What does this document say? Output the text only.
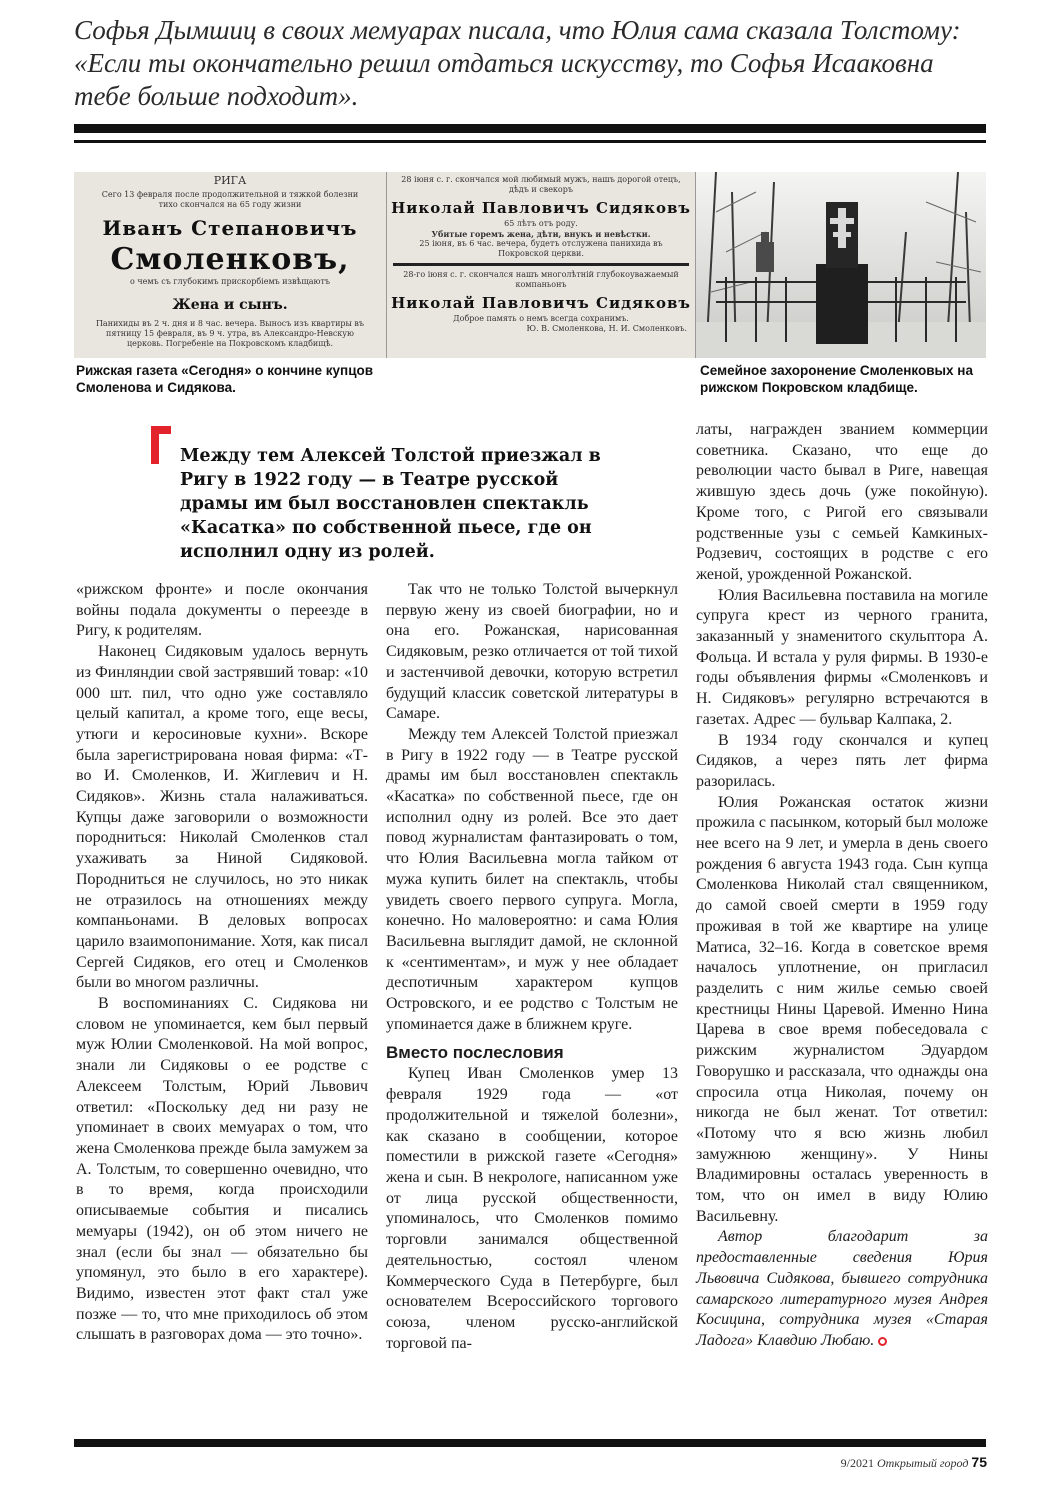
Софья Дымшиц в своих мемуарах писала, что Юлия сама сказала Толстому: «Если ты окончательно решил отдаться искусству, то Софья Исааковна тебе больше подходит».
РИГА
Сего 13 февраля после продолжительной и тяжкой болезни тихо скончался на 65 году жизни
Иванъ Степановичъ
Смоленковъ,
о чемъ съ глубокимъ прискорбiемъ извѣщаютъ
Жена и сынъ.
Панихиды въ 2 ч. дня и 8 час. вечера. Выносъ изъ квартиры въ пятницу 15 февраля, въ 9 ч. утра, въ Александро-Невскую церковь. Погребенiе на Покровскомъ кладбищѣ.
28 iюня с. г. скончался мой любимый мужъ, нашъ дорогой отецъ, дѣдъ и свекоръ
Николай Павловичъ Сидяковъ
65 лѣтъ отъ роду.
Убитые горемъ жена, дѣти, внукъ и невѣстки.
25 iюня, въ 6 час. вечера, будетъ отслужена панихида въ Покровской церкви.
28-го iюня с. г. скончался нашъ многолѣтнiй глубокоуважаемый компаньонъ
Николай Павловичъ Сидяковъ
Доброе память о немъ всегда сохранимъ.
Ю. В. Смоленкова, Н. И. Смоленковъ.
Рижская газета «Сегодня» о кончине купцов Смоленова и Сидякова.
Семейное захоронение Смоленковых на рижском Покровском кладбище.
Между тем Алексей Толстой приезжал в Ригу в 1922 году — в Театре русской драмы им был восстановлен спектакль «Касатка» по собственной пьесе, где он исполнил одну из ролей.

«рижском фронте» и после окончания войны подала документы о переезде в Ригу, к родителям.

Наконец Сидяковым удалось вернуть из Финляндии свой застрявший товар: «10 000 шт. пил, что одно уже составляло целый капитал, а кроме того, еще весы, утюги и керосиновые кухни». Вскоре была зарегистрирована новая фирма: «Т-во И. Смоленков, И. Жиглевич и Н. Сидяков». Жизнь стала налаживаться. Купцы даже заговорили о возможности породниться: Николай Смоленков стал ухаживать за Ниной Сидяковой. Породниться не случилось, но это никак не отразилось на отношениях между компаньонами. В деловых вопросах царило взаимопонимание. Хотя, как писал Сергей Сидяков, его отец и Смоленков были во многом различны.

В воспоминаниях С. Сидякова ни словом не упоминается, кем был первый муж Юлии Смоленковой. На мой вопрос, знали ли Сидяковы о ее родстве с Алексеем Толстым, Юрий Львович ответил: «Поскольку дед ни разу не упоминает в своих мемуарах о том, что жена Смоленкова прежде была замужем за А. Толстым, то совершенно очевидно, что в то время, когда происходили описываемые события и писались мемуары (1942), он об этом ничего не знал (если бы знал — обязательно бы упомянул, это было в его характере). Видимо, известен этот факт стал уже позже — то, что мне приходилось об этом слышать в разговорах дома — это точно».

Так что не только Толстой вычеркнул первую жену из своей биографии, но и она его. Рожанская, нарисованная Сидяковым, резко отличается от той тихой и застенчивой девочки, которую встретил будущий классик советской литературы в Самаре.

Между тем Алексей Толстой приезжал в Ригу в 1922 году — в Театре русской драмы им был восстановлен спектакль «Касатка» по собственной пьесе, где он исполнил одну из ролей. Все это дает повод журналистам фантазировать о том, что Юлия Васильевна могла тайком от мужа купить билет на спектакль, чтобы увидеть своего первого супруга. Могла, конечно. Но маловероятно: и сама Юлия Васильевна выглядит дамой, не склонной к «сентиментам», и муж у нее обладает деспотичным характером купцов Островского, и ее родство с Толстым не упоминается даже в ближнем круге.

Вместо послесловия

Купец Иван Смоленков умер 13 февраля 1929 года — «от продолжительной и тяжелой болезни», как сказано в сообщении, которое поместили в рижской газете «Сегодня» жена и сын. В некрологе, написанном уже от лица русской общественности, упоминалось, что Смоленков помимо торговли занимался общественной деятельностью, состоял членом Коммерческого Суда в Петербурге, был основателем Всероссийского торгового союза, членом русско-английской торговой па-

латы, награжден званием коммерции советника. Сказано, что еще до революции часто бывал в Риге, навещая жившую здесь дочь (уже покойную). Кроме того, с Ригой его связывали родственные узы с семьей Камкиных-Родзевич, состоящих в родстве с его женой, урожденной Рожанской.

Юлия Васильевна поставила на могиле супруга крест из черного гранита, заказанный у знаменитого скульптора А. Фольца. И встала у руля фирмы. В 1930-е годы объявления фирмы «Смоленковъ и Н. Сидяковъ» регулярно встречаются в газетах. Адрес — бульвар Калпака, 2.

В 1934 году скончался и купец Сидяков, а через пять лет фирма разорилась.

Юлия Рожанская остаток жизни прожила с пасынком, который был моложе нее всего на 9 лет, и умерла в день своего рождения 6 августа 1943 года. Сын купца Смоленкова Николай стал священником, до самой своей смерти в 1959 году проживая в той же квартире на улице Матиса, 32–16. Когда в советское время началось уплотнение, он пригласил разделить с ним жилье семью своей крестницы Нины Царевой. Именно Нина Царева в свое время побеседовала с рижским журналистом Эдуардом Говорушко и рассказала, что однажды она спросила отца Николая, почему он никогда не был женат. Тот ответил: «Потому что я всю жизнь любил замужнюю женщину». У Нины Владимировны осталась уверенность в том, что он имел в виду Юлию Васильевну.

Автор благодарит за предоставленные сведения Юрия Львовича Сидякова, бывшего сотрудника самарского литературного музея Андрея Косицина, сотрудника музея «Старая Ладога» Клавдию Любаю.

9/2021 Открытый город 75
